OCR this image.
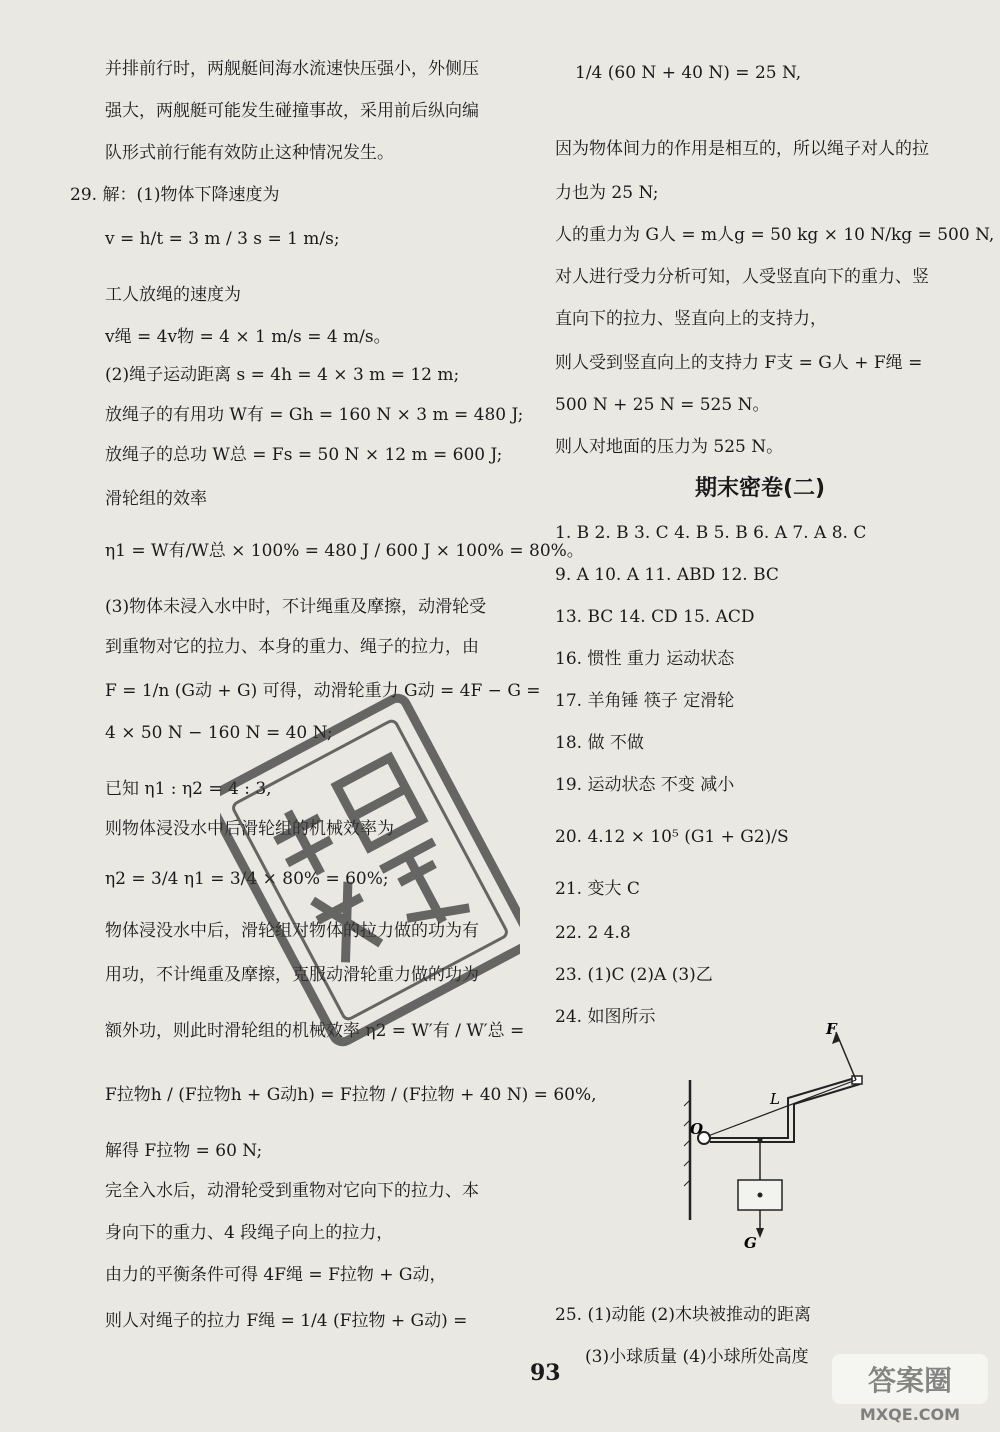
并排前行时，两舰艇间海水流速快压强小，外侧压
强大，两舰艇可能发生碰撞事故，采用前后纵向编
队形式前行能有效防止这种情况发生。
29. 解：(1)物体下降速度为
v = h/t = 3 m / 3 s = 1 m/s;
工人放绳的速度为
v绳 = 4v物 = 4 × 1 m/s = 4 m/s。
(2)绳子运动距离 s = 4h = 4 × 3 m = 12 m;
放绳子的有用功 W有 = Gh = 160 N × 3 m = 480 J;
放绳子的总功 W总 = Fs = 50 N × 12 m = 600 J;
滑轮组的效率
η1 = W有/W总 × 100% = 480 J / 600 J × 100% = 80%。
(3)物体未浸入水中时，不计绳重及摩擦，动滑轮受
到重物对它的拉力、本身的重力、绳子的拉力，由
F = 1/n (G动 + G) 可得，动滑轮重力 G动 = 4F − G =
4 × 50 N − 160 N = 40 N;
已知 η1 : η2 = 4 : 3,
则物体浸没水中后滑轮组的机械效率为
η2 = 3/4 η1 = 3/4 × 80% = 60%;
物体浸没水中后，滑轮组对物体的拉力做的功为有
用功，不计绳重及摩擦，克服动滑轮重力做的功为
额外功，则此时滑轮组的机械效率 η2 = W′有 / W′总 =
F拉物h / (F拉物h + G动h) = F拉物 / (F拉物 + 40 N) = 60%,
解得 F拉物 = 60 N;
完全入水后，动滑轮受到重物对它向下的拉力、本
身向下的重力、4 段绳子向上的拉力，
由力的平衡条件可得 4F绳 = F拉物 + G动，
则人对绳子的拉力 F绳 = 1/4 (F拉物 + G动) =
1/4 (60 N + 40 N) = 25 N,
因为物体间力的作用是相互的，所以绳子对人的拉
力也为 25 N;
人的重力为 G人 = m人g = 50 kg × 10 N/kg = 500 N,
对人进行受力分析可知，人受竖直向下的重力、竖
直向下的拉力、竖直向上的支持力，
则人受到竖直向上的支持力 F支 = G人 + F绳 =
500 N + 25 N = 525 N。
则人对地面的压力为 525 N。
期末密卷(二)
1. B 2. B 3. C 4. B 5. B 6. A 7. A 8. C
9. A 10. A 11. ABD 12. BC
13. BC 14. CD 15. ACD
16. 惯性 重力 运动状态
17. 羊角锤 筷子 定滑轮
18. 做 不做
19. 运动状态 不变 减小
20. 4.12 × 10⁵ (G1 + G2)/S
21. 变大 C
22. 2 4.8
23. (1)C (2)A (3)乙
24. 如图所示
25. (1)动能 (2)木块被推动的距离
(3)小球质量 (4)小球所处高度
F
O
L
G
93	答案圈
MXQE.COM
